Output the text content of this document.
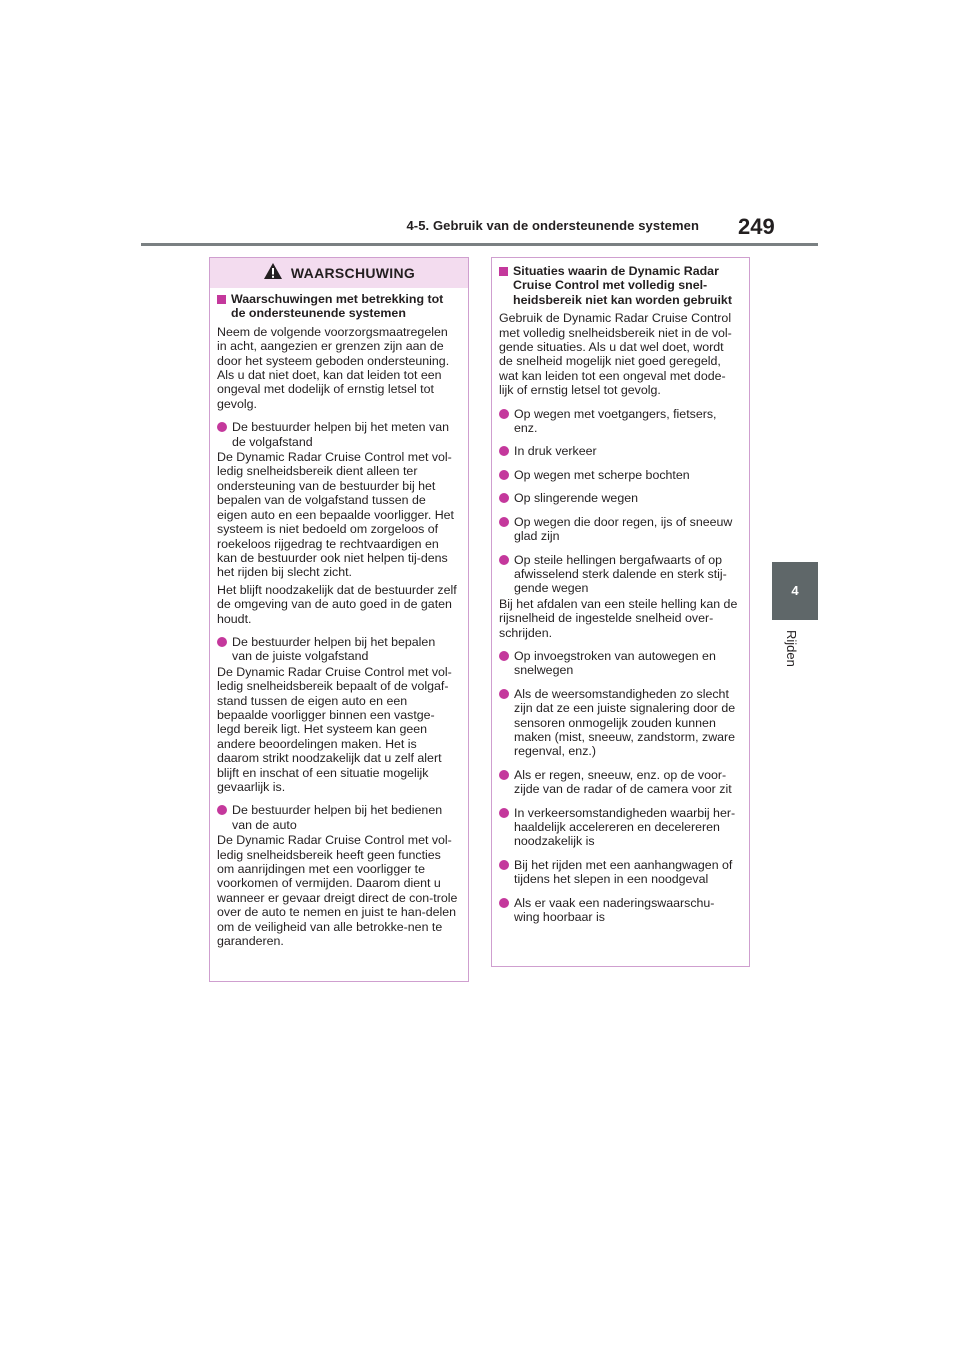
4-5. Gebruik van de ondersteunende systemen 249
4
Rijden
WAARSCHUWING
Waarschuwingen met betrekking tot de ondersteunende systemen
Neem de volgende voorzorgsmaatregelen in acht, aangezien er grenzen zijn aan de door het systeem geboden ondersteuning. Als u dat niet doet, kan dat leiden tot een ongeval met dodelijk of ernstig letsel tot gevolg.
De bestuurder helpen bij het meten van de volgafstand
De Dynamic Radar Cruise Control met vol-ledig snelheidsbereik dient alleen ter ondersteuning van de bestuurder bij het bepalen van de volgafstand tussen de eigen auto en een bepaalde voorligger. Het systeem is niet bedoeld om zorgeloos of roekeloos rijgedrag te rechtvaardigen en kan de bestuurder ook niet helpen tij-dens het rijden bij slecht zicht.
Het blijft noodzakelijk dat de bestuurder zelf de omgeving van de auto goed in de gaten houdt.
De bestuurder helpen bij het bepalen van de juiste volgafstand
De Dynamic Radar Cruise Control met vol-ledig snelheidsbereik bepaalt of de volgaf-stand tussen de eigen auto en een bepaalde voorligger binnen een vastge-legd bereik ligt. Het systeem kan geen andere beoordelingen maken. Het is daarom strikt noodzakelijk dat u zelf alert blijft en inschat of een situatie mogelijk gevaarlijk is.
De bestuurder helpen bij het bedienen van de auto
De Dynamic Radar Cruise Control met vol-ledig snelheidsbereik heeft geen functies om aanrijdingen met een voorligger te voorkomen of vermijden. Daarom dient u wanneer er gevaar dreigt direct de con-trole over de auto te nemen en juist te han-delen om de veiligheid van alle betrokke-nen te garanderen.
Situaties waarin de Dynamic Radar Cruise Control met volledig snel-heidsbereik niet kan worden gebruikt
Gebruik de Dynamic Radar Cruise Control met volledig snelheidsbereik niet in de vol-gende situaties. Als u dat wel doet, wordt de snelheid mogelijk niet goed geregeld, wat kan leiden tot een ongeval met dode-lijk of ernstig letsel tot gevolg.
Op wegen met voetgangers, fietsers, enz.
In druk verkeer
Op wegen met scherpe bochten
Op slingerende wegen
Op wegen die door regen, ijs of sneeuw glad zijn
Op steile hellingen bergafwaarts of op afwisselend sterk dalende en sterk stij-gende wegen
Bij het afdalen van een steile helling kan de rijsnelheid de ingestelde snelheid over-schrijden.
Op invoegstroken van autowegen en snelwegen
Als de weersomstandigheden zo slecht zijn dat ze een juiste signalering door de sensoren onmogelijk zouden kunnen maken (mist, sneeuw, zandstorm, zware regenval, enz.)
Als er regen, sneeuw, enz. op de voor-zijde van de radar of de camera voor zit
In verkeersomstandigheden waarbij her-haaldelijk accelereren en decelereren noodzakelijk is
Bij het rijden met een aanhangwagen of tijdens het slepen in een noodgeval
Als er vaak een naderingswaarschu-wing hoorbaar is
